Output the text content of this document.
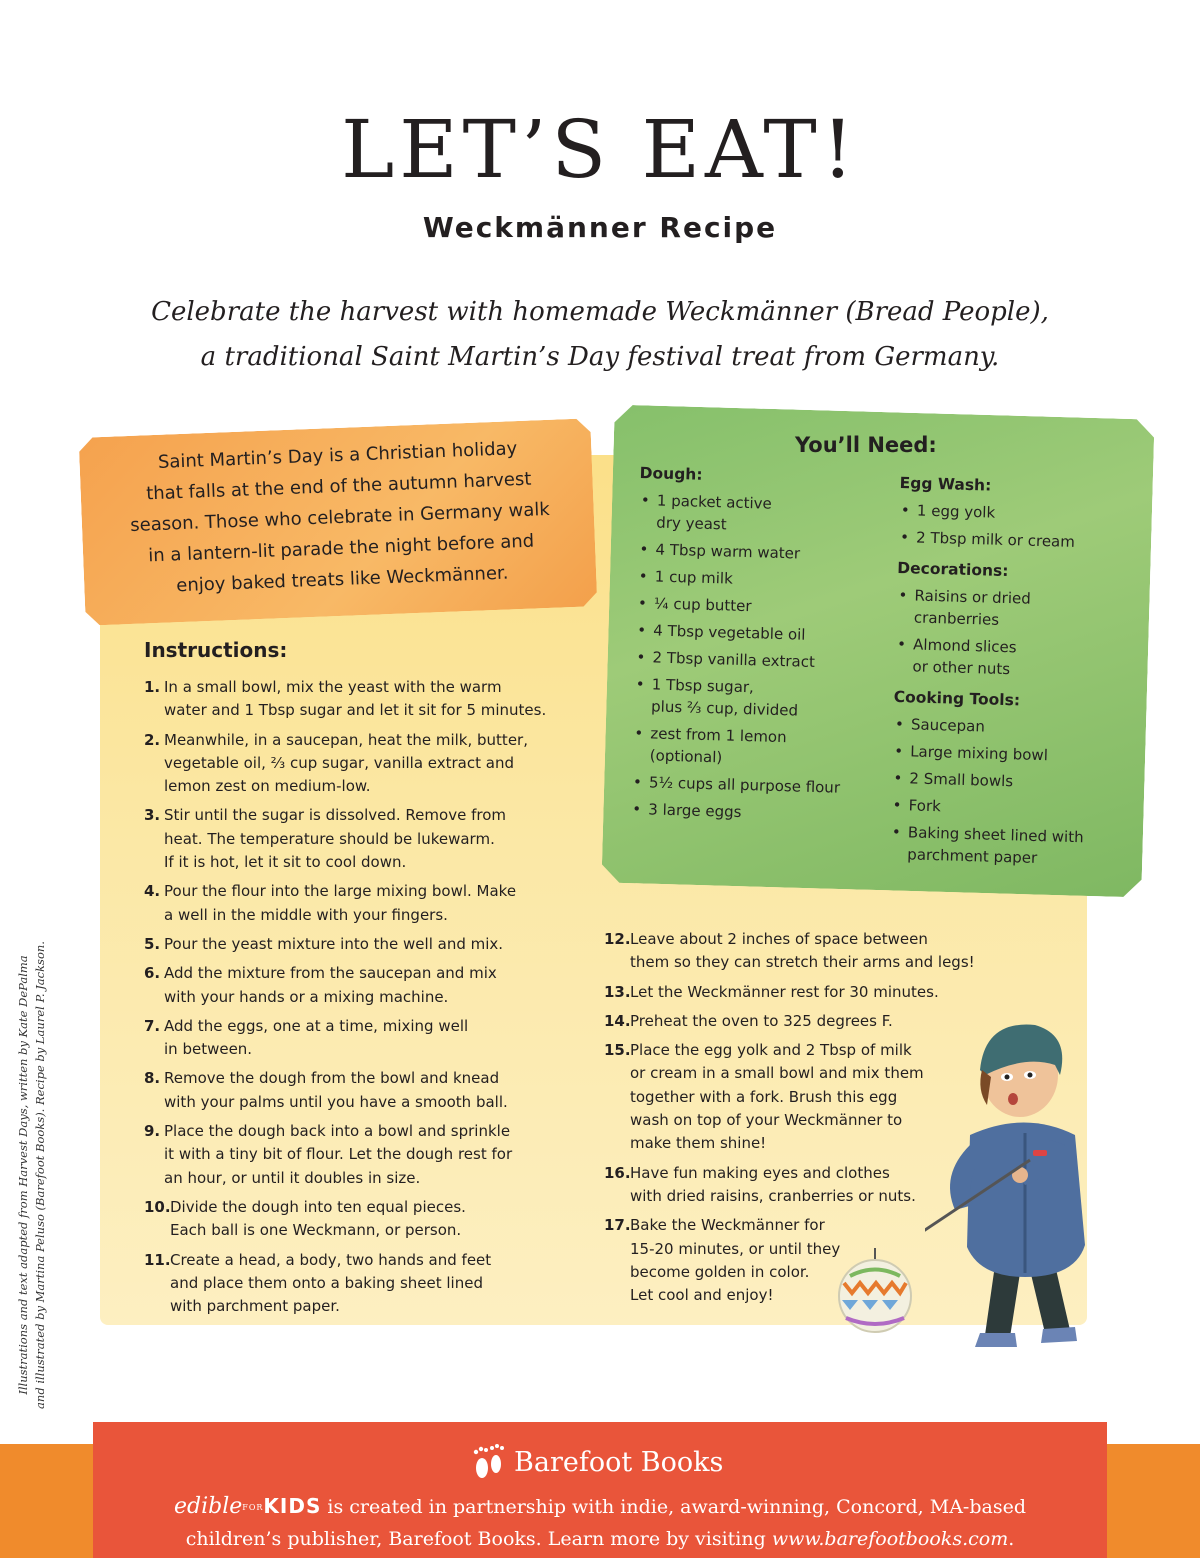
LET’S EAT!
Weckmänner Recipe
Celebrate the harvest with homemade Weckmänner (Bread People),
a traditional Saint Martin’s Day festival treat from Germany.
Saint Martin’s Day is a Christian holiday
that falls at the end of the autumn harvest
season. Those who celebrate in Germany walk
in a lantern-lit parade the night before and
enjoy baked treats like Weckmänner.
You’ll Need:
Dough:
• 1 packet active
dry yeast
• 4 Tbsp warm water
• 1 cup milk
• ¼ cup butter
• 4 Tbsp vegetable oil
• 2 Tbsp vanilla extract
• 1 Tbsp sugar,
plus ⅔ cup, divided
• zest from 1 lemon
(optional)
• 5½ cups all purpose flour
• 3 large eggs
Egg Wash:
• 1 egg yolk
• 2 Tbsp milk or cream
Decorations:
• Raisins or dried
cranberries
• Almond slices
or other nuts
Cooking Tools:
• Saucepan
• Large mixing bowl
• 2 Small bowls
• Fork
• Baking sheet lined with
parchment paper
Instructions:
1. In a small bowl, mix the yeast with the warm
water and 1 Tbsp sugar and let it sit for 5 minutes.
2. Meanwhile, in a saucepan, heat the milk, butter,
vegetable oil, ⅔ cup sugar, vanilla extract and
lemon zest on medium-low.
3. Stir until the sugar is dissolved. Remove from
heat. The temperature should be lukewarm.
If it is hot, let it sit to cool down.
4. Pour the flour into the large mixing bowl. Make
a well in the middle with your fingers.
5. Pour the yeast mixture into the well and mix.
6. Add the mixture from the saucepan and mix
with your hands or a mixing machine.
7. Add the eggs, one at a time, mixing well
in between.
8. Remove the dough from the bowl and knead
with your palms until you have a smooth ball.
9. Place the dough back into a bowl and sprinkle
it with a tiny bit of flour. Let the dough rest for
an hour, or until it doubles in size.
10. Divide the dough into ten equal pieces.
Each ball is one Weckmann, or person.
11. Create a head, a body, two hands and feet
and place them onto a baking sheet lined
with parchment paper.
12. Leave about 2 inches of space between
them so they can stretch their arms and legs!
13. Let the Weckmänner rest for 30 minutes.
14. Preheat the oven to 325 degrees F.
15. Place the egg yolk and 2 Tbsp of milk
or cream in a small bowl and mix them
together with a fork. Brush this egg
wash on top of your Weckmänner to
make them shine!
16. Have fun making eyes and clothes
with dried raisins, cranberries or nuts.
17. Bake the Weckmänner for
15-20 minutes, or until they
become golden in color.
Let cool and enjoy!
Illustrations and text adapted from Harvest Days, written by Kate DePalma and illustrated by Martina Peluso (Barefoot Books). Recipe by Laurel P. Jackson.
Barefoot Books
edibleFORKIDS is created in partnership with indie, award-winning, Concord, MA-based
children’s publisher, Barefoot Books. Learn more by visiting www.barefootbooks.com.
